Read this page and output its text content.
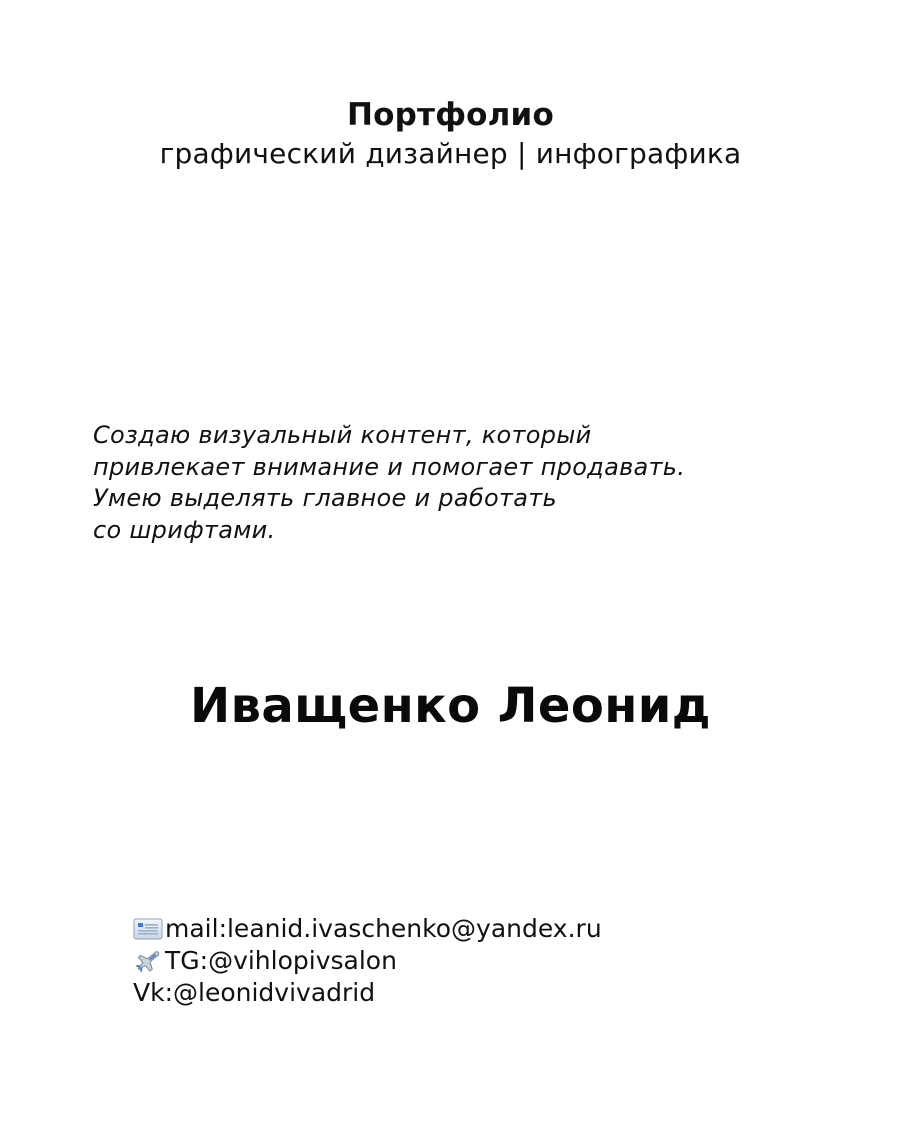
Портфолио
графический дизайнер | инфографика
Создаю визуальный контент, который
привлекает внимание и помогает продавать.
Умею выделять главное и работать
со шрифтами.
Иващенко Леонид
mail:leanid.ivaschenko@yandex.ru
TG:@vihlopivsalon
Vk:@leonidvivadrid
